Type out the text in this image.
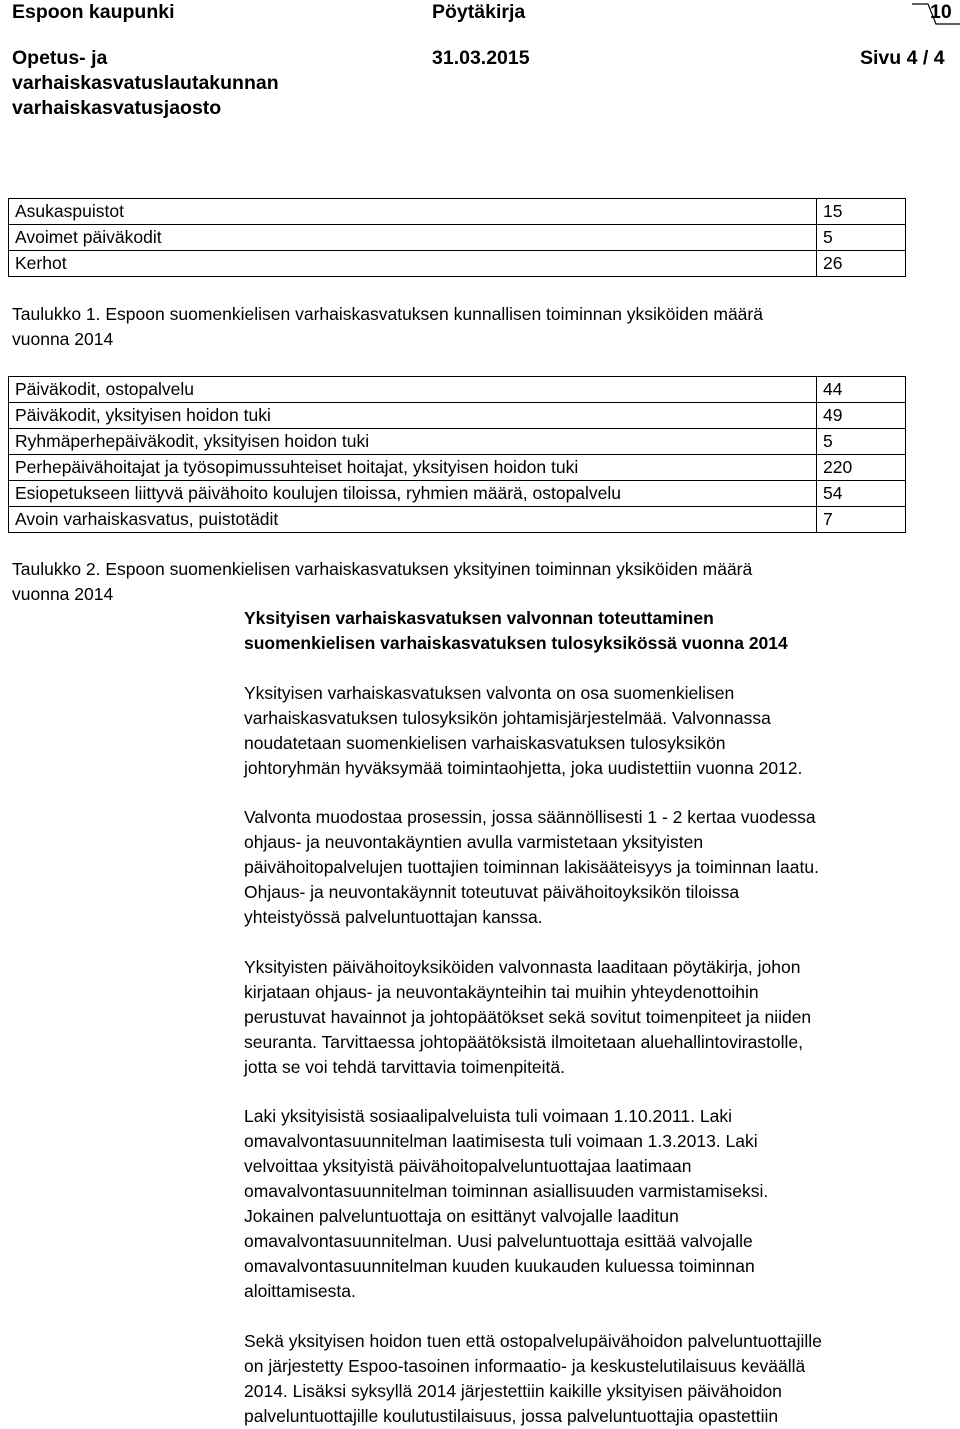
Espoon kaupunki	Pöytäkirja	10
Opetus- ja
varhaiskasvatuslautakunnan
varhaiskasvatusjaosto
31.03.2015	Sivu 4 / 4
Asukaspuistot	15
Avoimet päiväkodit	5
Kerhot	26
Taulukko 1. Espoon suomenkielisen varhaiskasvatuksen kunnallisen toiminnan yksiköiden määrä
vuonna 2014
Päiväkodit, ostopalvelu	44
Päiväkodit, yksityisen hoidon tuki	49
Ryhmäperhepäiväkodit, yksityisen hoidon tuki	5
Perhepäivähoitajat ja työsopimussuhteiset hoitajat, yksityisen hoidon tuki	220
Esiopetukseen liittyvä päivähoito koulujen tiloissa, ryhmien määrä, ostopalvelu	54
Avoin varhaiskasvatus, puistotädit	7
Taulukko 2. Espoon suomenkielisen varhaiskasvatuksen yksityinen toiminnan yksiköiden määrä
vuonna 2014
Yksityisen varhaiskasvatuksen valvonnan toteuttaminen
suomenkielisen varhaiskasvatuksen tulosyksikössä vuonna 2014
Yksityisen varhaiskasvatuksen valvonta on osa suomenkielisen
varhaiskasvatuksen tulosyksikön johtamisjärjestelmää. Valvonnassa
noudatetaan suomenkielisen varhaiskasvatuksen tulosyksikön
johtoryhmän hyväksymää toimintaohjetta, joka uudistettiin vuonna 2012.
Valvonta muodostaa prosessin, jossa säännöllisesti 1 - 2 kertaa vuodessa
ohjaus- ja neuvontakäyntien avulla varmistetaan yksityisten
päivähoitopalvelujen tuottajien toiminnan lakisääteisyys ja toiminnan laatu.
Ohjaus- ja neuvontakäynnit toteutuvat päivähoitoyksikön tiloissa
yhteistyössä palveluntuottajan kanssa.
Yksityisten päivähoitoyksiköiden valvonnasta laaditaan pöytäkirja, johon
kirjataan ohjaus- ja neuvontakäynteihin tai muihin yhteydenottoihin
perustuvat havainnot ja johtopäätökset sekä sovitut toimenpiteet ja niiden
seuranta. Tarvittaessa johtopäätöksistä ilmoitetaan aluehallintovirastolle,
jotta se voi tehdä tarvittavia toimenpiteitä.
Laki yksityisistä sosiaalipalveluista tuli voimaan 1.10.2011. Laki
omavalvontasuunnitelman laatimisesta tuli voimaan 1.3.2013. Laki
velvoittaa yksityistä päivähoitopalveluntuottajaa laatimaan
omavalvontasuunnitelman toiminnan asiallisuuden varmistamiseksi.
Jokainen palveluntuottaja on esittänyt valvojalle laaditun
omavalvontasuunnitelman. Uusi palveluntuottaja esittää valvojalle
omavalvontasuunnitelman kuuden kuukauden kuluessa toiminnan
aloittamisesta.
Sekä yksityisen hoidon tuen että ostopalvelupäivähoidon palveluntuottajille
on järjestetty Espoo-tasoinen informaatio- ja keskustelutilaisuus keväällä
2014. Lisäksi syksyllä 2014 järjestettiin kaikille yksityisen päivähoidon
palveluntuottajille koulutustilaisuus, jossa palveluntuottajia opastettiin
